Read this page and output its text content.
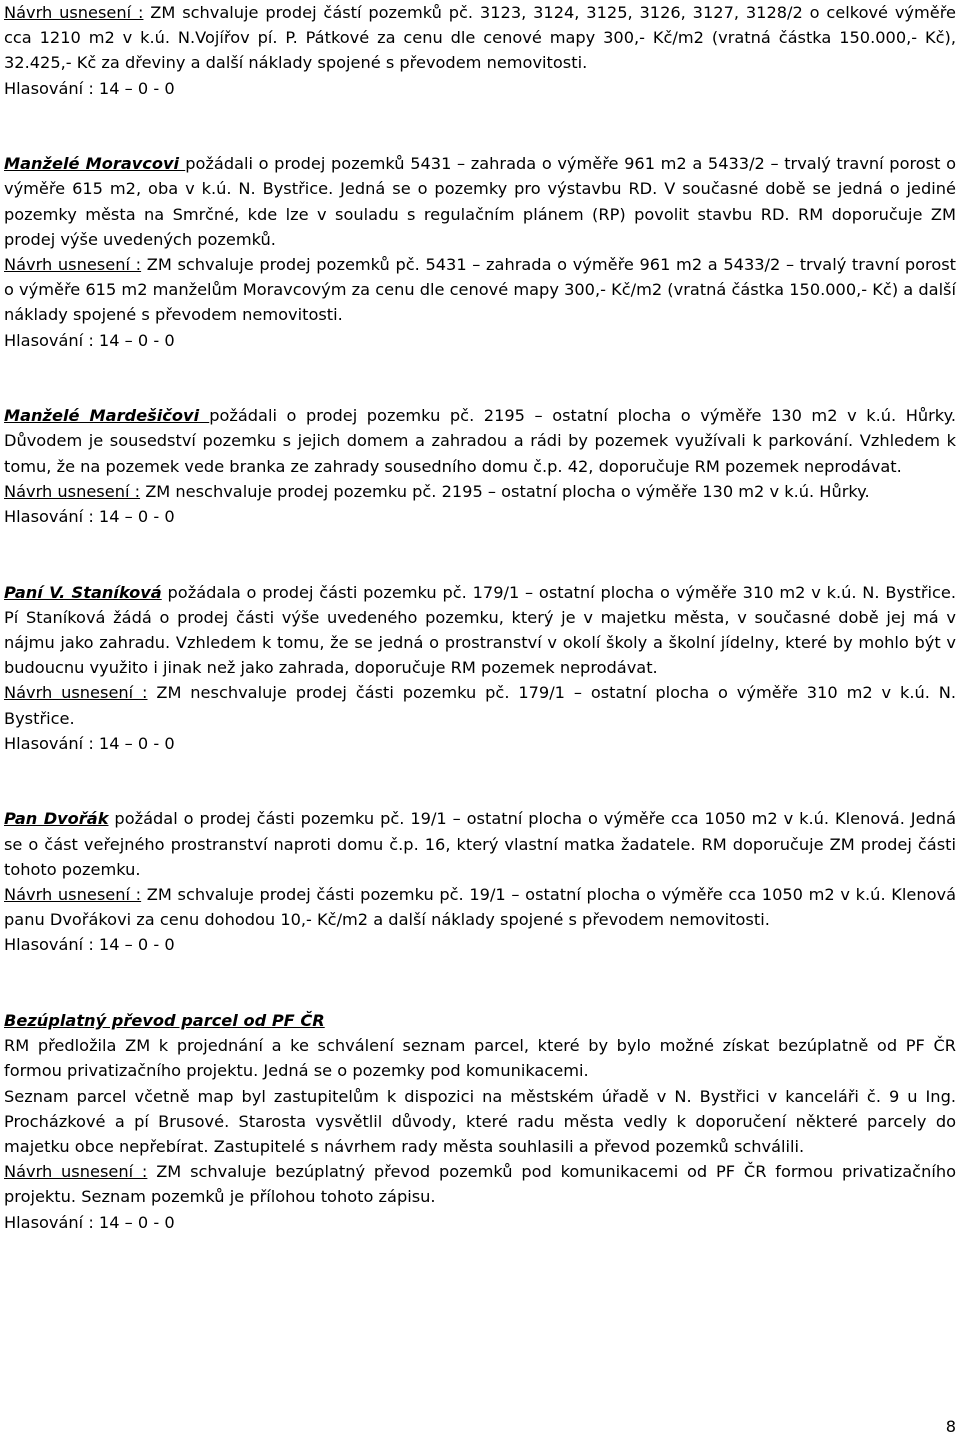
Návrh usnesení : ZM schvaluje prodej částí pozemků pč. 3123, 3124, 3125, 3126, 3127, 3128/2 o celkové výměře cca 1210 m2 v k.ú. N.Vojířov pí. P. Pátkové za cenu dle cenové mapy 300,- Kč/m2 (vratná částka 150.000,- Kč), 32.425,- Kč za dřeviny a další náklady spojené s převodem nemovitosti.

Hlasování : 14 – 0 - 0

Manželé Moravcovi požádali o prodej pozemků 5431 – zahrada o výměře 961 m2 a 5433/2 – trvalý travní porost o výměře 615 m2, oba v k.ú. N. Bystřice. Jedná se o pozemky pro výstavbu RD. V současné době se jedná o jediné pozemky města na Smrčné, kde lze v souladu s regulačním plánem (RP) povolit stavbu RD. RM doporučuje ZM prodej výše uvedených pozemků.

Návrh usnesení : ZM schvaluje prodej pozemků pč. 5431 – zahrada o výměře 961 m2 a 5433/2 – trvalý travní porost o výměře 615 m2 manželům Moravcovým za cenu dle cenové mapy 300,- Kč/m2 (vratná částka 150.000,- Kč) a další náklady spojené s převodem nemovitosti.

Hlasování : 14 – 0 - 0

Manželé Mardešičovi požádali o prodej pozemku pč. 2195 – ostatní plocha o výměře 130 m2 v k.ú. Hůrky. Důvodem je sousedství pozemku s jejich domem a zahradou a rádi by pozemek využívali k parkování. Vzhledem k tomu, že na pozemek vede branka ze zahrady sousedního domu č.p. 42, doporučuje RM pozemek neprodávat.

Návrh usnesení : ZM neschvaluje prodej pozemku pč. 2195 – ostatní plocha o výměře 130 m2 v k.ú. Hůrky.

Hlasování : 14 – 0 - 0

Paní V. Staníková požádala o prodej části pozemku pč. 179/1 – ostatní plocha o výměře 310 m2 v k.ú. N. Bystřice. Pí Staníková žádá o prodej části výše uvedeného pozemku, který je v majetku města, v současné době jej má v nájmu jako zahradu. Vzhledem k tomu, že se jedná o prostranství v okolí školy a školní jídelny, které by mohlo být v budoucnu využito i jinak než jako zahrada, doporučuje RM pozemek neprodávat.

Návrh usnesení : ZM neschvaluje prodej části pozemku pč. 179/1 – ostatní plocha o výměře 310 m2 v k.ú. N. Bystřice.

Hlasování : 14 – 0 - 0

Pan Dvořák požádal o prodej části pozemku pč. 19/1 – ostatní plocha o výměře cca 1050 m2 v k.ú. Klenová. Jedná se o část veřejného prostranství naproti domu č.p. 16, který vlastní matka žadatele. RM doporučuje ZM prodej části tohoto pozemku.

Návrh usnesení : ZM schvaluje prodej části pozemku pč. 19/1 – ostatní plocha o výměře cca 1050 m2 v k.ú. Klenová panu Dvořákovi za cenu dohodou 10,- Kč/m2 a další náklady spojené s převodem nemovitosti.

Hlasování : 14 – 0 - 0

Bezúplatný převod parcel od PF ČR

RM předložila ZM k projednání a ke schválení seznam parcel, které by bylo možné získat bezúplatně od PF ČR formou privatizačního projektu. Jedná se o pozemky pod komunikacemi.

Seznam parcel včetně map byl zastupitelům k dispozici na městském úřadě v N. Bystřici v kanceláři č. 9 u Ing. Procházkové a pí Brusové. Starosta vysvětlil důvody, které radu města vedly k doporučení některé parcely do majetku obce nepřebírat. Zastupitelé s návrhem rady města souhlasili a převod pozemků schválili.

Návrh usnesení : ZM schvaluje bezúplatný převod pozemků pod komunikacemi od PF ČR formou privatizačního projektu. Seznam pozemků je přílohou tohoto zápisu.

Hlasování : 14 – 0 - 0

8
